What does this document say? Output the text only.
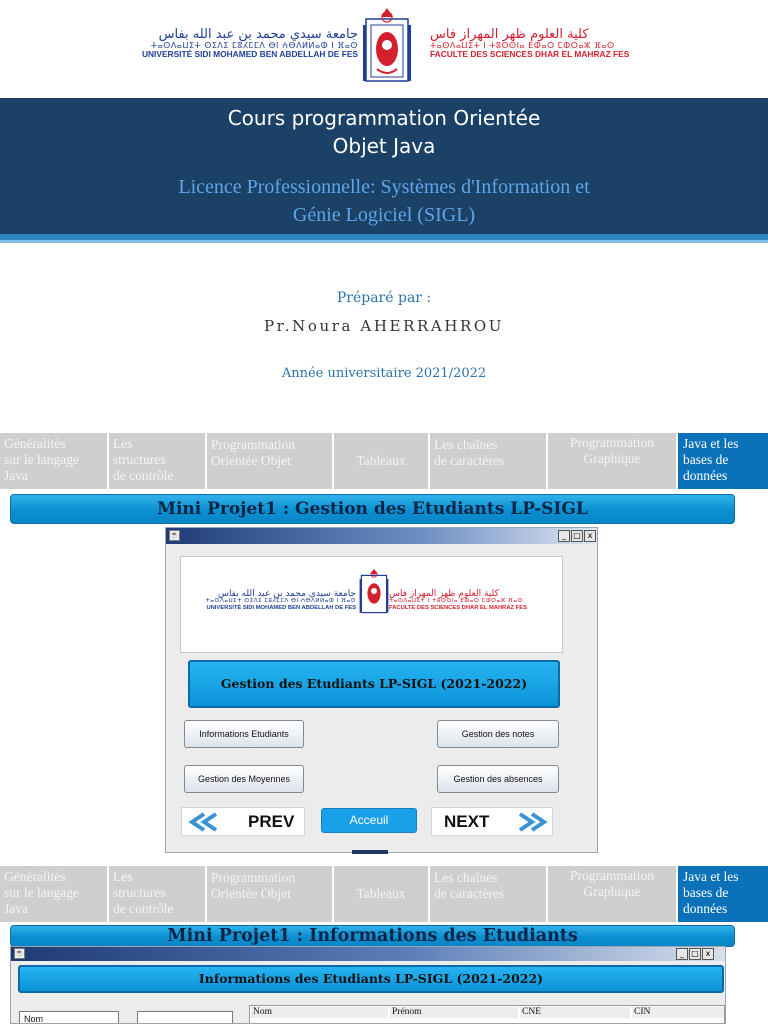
جامعة سيدي محمد بن عبد الله بفاس
ⵜⴰⵙⴷⴰⵡⵉⵜ ⵙⵉⴷⵉ ⵎⵓⵃⵎⵎⴷ ⴱⵏ ⵄⴱⴷⵍⵍⴰⵀ ⵏ ⴼⴰⵙ
UNIVERSITÉ SIDI MOHAMED BEN ABDELLAH DE FES
كلية العلوم ظهر المهراز فاس
ⵜⴰⵙⴷⴰⵡⵉⵜ ⵏ ⵜⵓⵙⵙⵏⴰ ⴹⵀⴰⵔ ⵎⵀⵔⴰⵣ ⴼⴰⵙ
FACULTE DES SCIENCES DHAR EL MAHRAZ FES
Cours programmation Orientée
Objet Java
Licence Professionnelle: Systèmes d'Information et
Génie Logiciel (SIGL)
Préparé par :
Pr.Noura AHERRAHROU
Année universitaire 2021/2022
Généralités
sur le langage
Java
Les
structures
de contrôle
Programmation
Orientée Objet	Tableaux
Les chaînes
de caractères
Programmation
Graphique
Java et les
bases de
données
Mini Projet1 : Gestion des Etudiants LP-SIGL
☕	_ □ x
جامعة سيدي محمد بن عبد الله بفاس
ⵜⴰⵙⴷⴰⵡⵉⵜ ⵙⵉⴷⵉ ⵎⵓⵃⵎⵎⴷ ⴱⵏ ⵄⴱⴷⵍⵍⴰⵀ ⵏ ⴼⴰⵙ
UNIVERSITÉ SIDI MOHAMED BEN ABDELLAH DE FES
كلية العلوم ظهر المهراز فاس
ⵜⴰⵙⴷⴰⵡⵉⵜ ⵏ ⵜⵓⵙⵙⵏⴰ ⴹⵀⴰⵔ ⵎⵀⵔⴰⵣ ⴼⴰⵙ
FACULTE DES SCIENCES DHAR EL MAHRAZ FES
Gestion des Etudiants LP-SIGL (2021-2022)
Informations Etudiants	Gestion des notes
Gestion des Moyennes	Gestion des absences
PREV	Acceuil	NEXT
Généralités
sur le langage
Java
Les
structures
de contrôle
Programmation
Orientée Objet	Tableaux
Les chaînes
de caractères
Programmation
Graphique
Java et les
bases de
données
Mini Projet1 : Informations des Etudiants
☕	_ □ x
Informations des Etudiants LP-SIGL (2021-2022)
Nom
Nom	Prénom	CNE	CIN
